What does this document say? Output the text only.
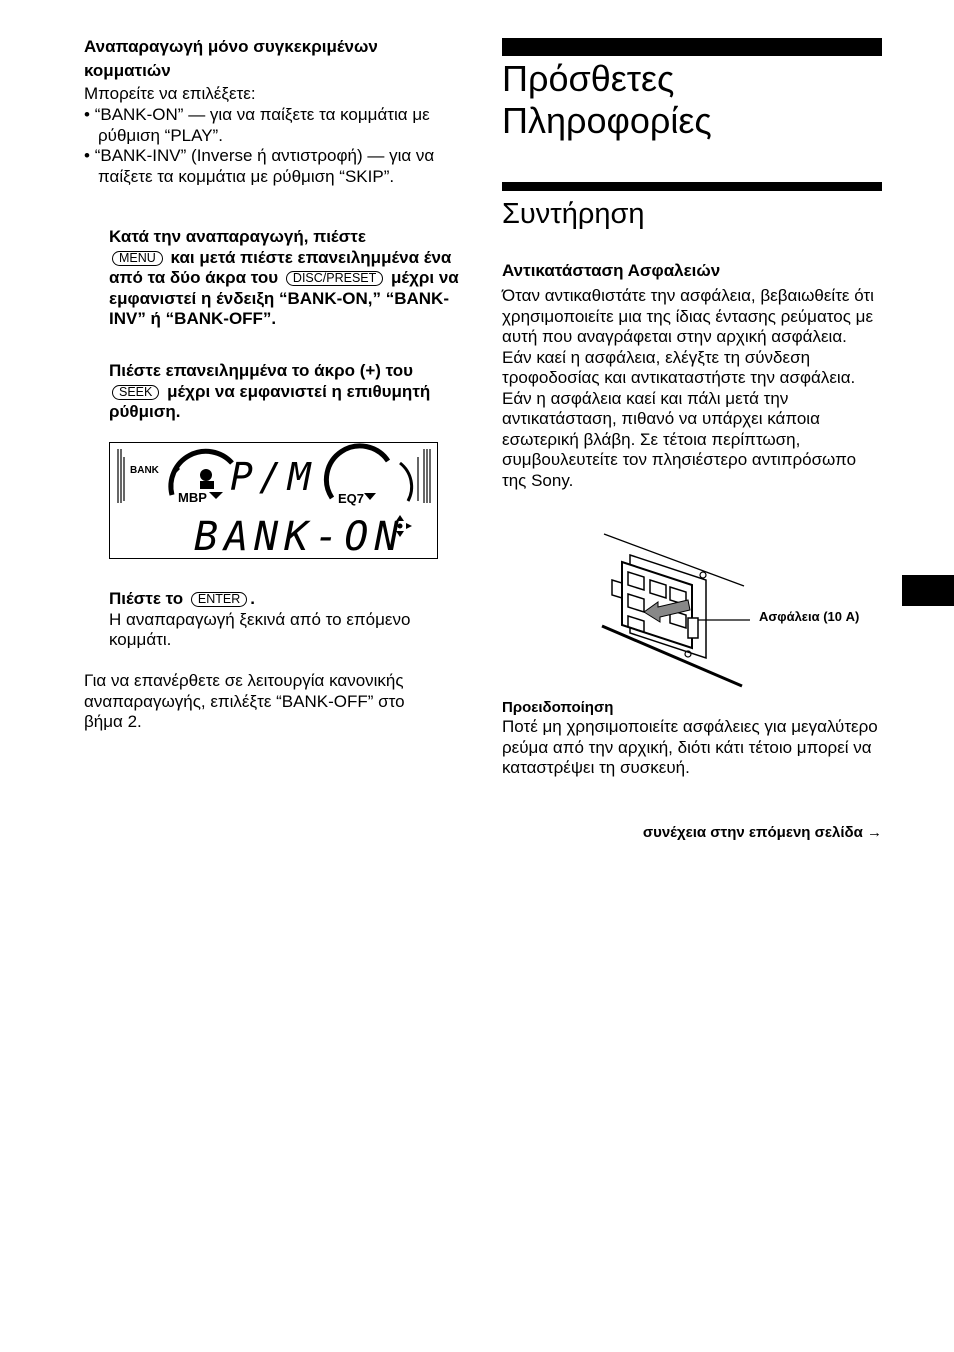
Αναπαραγωγή μόνο συγκεκριμένων κομματιών
Μπορείτε να επιλέξετε:
• “BANK-ON” — για να παίξετε τα κομμάτια με ρύθμιση “PLAY”.
• “BANK-INV” (Inverse ή αντιστροφή) — για να παίξετε τα κομμάτια με ρύθμιση “SKIP”.
Κατά την αναπαραγωγή, πιέστε
MENU και μετά πιέστε επανειλημμένα ένα από τα δύο άκρα του DISC/PRESET μέχρι να εμφανιστεί η ένδειξη “BANK-ON,” “BANK-INV” ή “BANK-OFF”.
Πιέστε επανειλημμένα το άκρο (+) του SEEK μέχρι να εμφανιστεί η επιθυμητή ρύθμιση.
BANK P/M
MBP	EQ7
BANK-ON
Πιέστε το ENTER .
Η αναπαραγωγή ξεκινά από το επόμενο κομμάτι.
Για να επανέρθετε σε λειτουργία κανονικής αναπαραγωγής, επιλέξτε “BANK-OFF” στο βήμα 2.
Πρόσθετες
Πληροφορίες
Συντήρηση
Αντικατάσταση Ασφαλειών
Όταν αντικαθιστάτε την ασφάλεια, βεβαιωθείτε ότι χρησιμοποιείτε μια της ίδιας έντασης ρεύματος με αυτή που αναγράφεται στην αρχική ασφάλεια. Εάν καεί η ασφάλεια, ελέγξτε τη σύνδεση τροφοδοσίας και αντικαταστήστε την ασφάλεια. Εάν η ασφάλεια καεί και πάλι μετά την αντικατάσταση, πιθανό να υπάρχει κάποια εσωτερική βλάβη. Σε τέτοια περίπτωση, συμβουλευτείτε τον πλησιέστερο αντιπρόσωπο της Sony.
Ασφάλεια (10 A)
Προειδοποίηση
Ποτέ μη χρησιμοποιείτε ασφάλειες για μεγαλύτερο ρεύμα από την αρχική, διότι κάτι τέτοιο μπορεί να καταστρέψει τη συσκευή.
συνέχεια στην επόμενη σελίδα →
